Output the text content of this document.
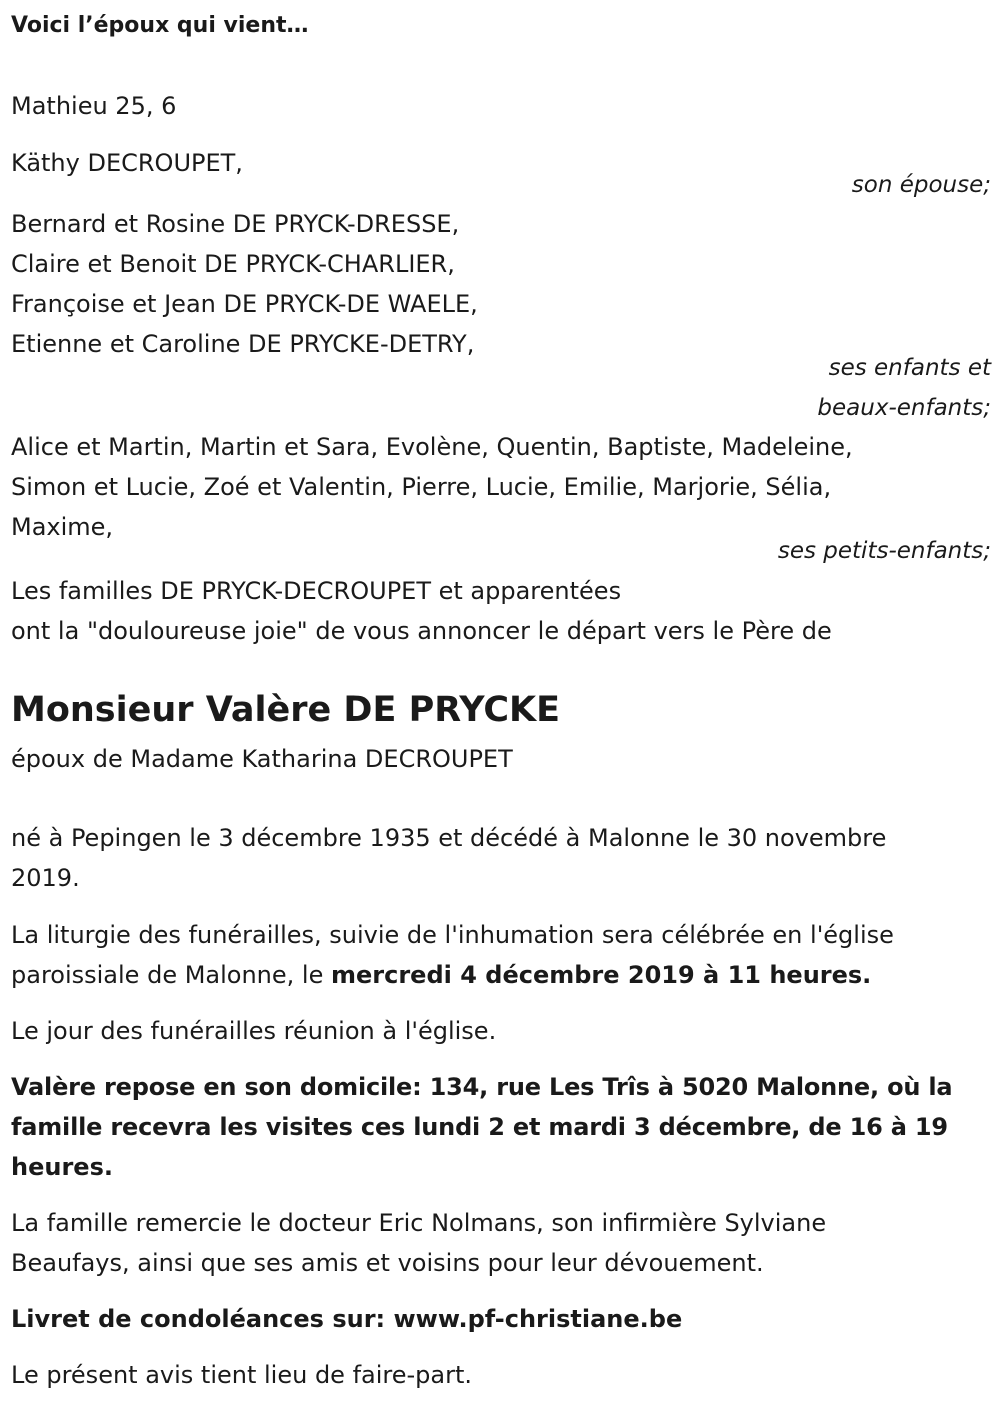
Voici l’époux qui vient…
Mathieu 25, 6
Käthy DECROUPET,
son épouse;
Bernard et Rosine DE PRYCK-DRESSE,
Claire et Benoit DE PRYCK-CHARLIER,
Françoise et Jean DE PRYCK-DE WAELE,
Etienne et Caroline DE PRYCKE-DETRY,
ses enfants et
beaux-enfants;
Alice et Martin, Martin et Sara, Evolène, Quentin, Baptiste, Madeleine,
Simon et Lucie, Zoé et Valentin, Pierre, Lucie, Emilie, Marjorie, Sélia,
Maxime,
ses petits-enfants;
Les familles DE PRYCK-DECROUPET et apparentées
ont la "douloureuse joie" de vous annoncer le départ vers le Père de
Monsieur Valère DE PRYCKE
époux de Madame Katharina DECROUPET
né à Pepingen le 3 décembre 1935 et décédé à Malonne le 30 novembre
2019.
La liturgie des funérailles, suivie de l'inhumation sera célébrée en l'église
paroissiale de Malonne, le mercredi 4 décembre 2019 à 11 heures.
Le jour des funérailles réunion à l'église.
Valère repose en son domicile: 134, rue Les Trîs à 5020 Malonne, où la
famille recevra les visites ces lundi 2 et mardi 3 décembre, de 16 à 19
heures.
La famille remercie le docteur Eric Nolmans, son infirmière Sylviane
Beaufays, ainsi que ses amis et voisins pour leur dévouement.
Livret de condoléances sur: www.pf-christiane.be
Le présent avis tient lieu de faire-part.
